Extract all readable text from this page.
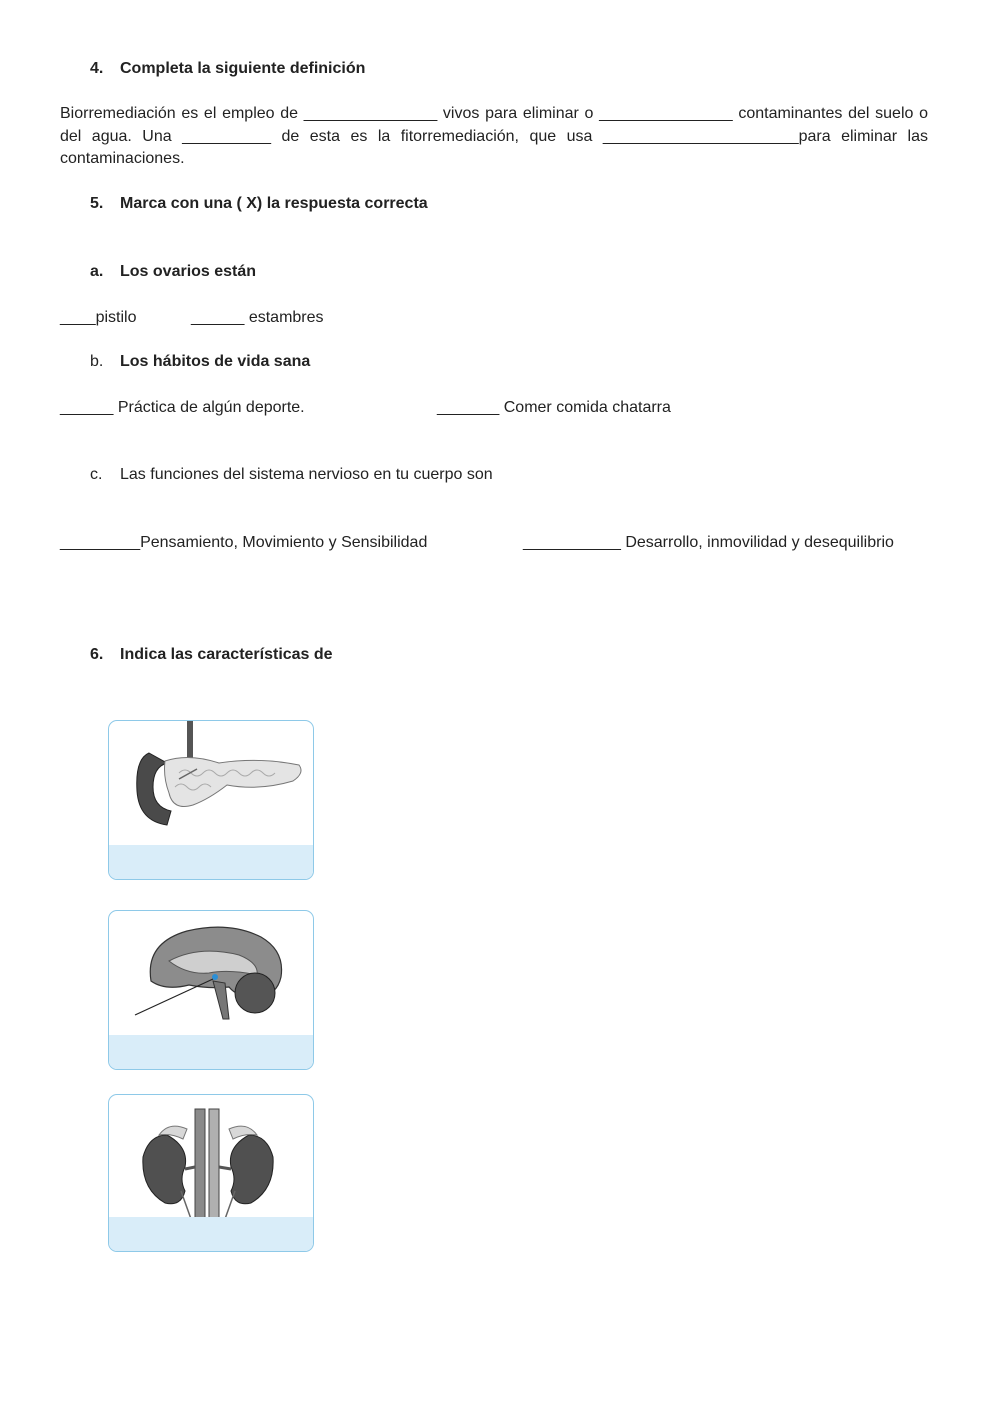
4. Completa la siguiente definición
Biorremediación es el empleo de _______________ vivos para eliminar o _______________ contaminantes del suelo o del agua. Una __________ de esta es la fitorremediación, que usa ______________________para eliminar las contaminaciones.
5. Marca con una ( X) la respuesta correcta
a. Los ovarios están
____pistilo	______ estambres
b. Los hábitos de vida sana
______ Práctica de algún deporte.	_______ Comer comida chatarra
c. Las funciones del sistema nervioso en tu cuerpo son
_________Pensamiento, Movimiento y Sensibilidad	___________ Desarrollo, inmovilidad y desequilibrio
6. Indica las características de
